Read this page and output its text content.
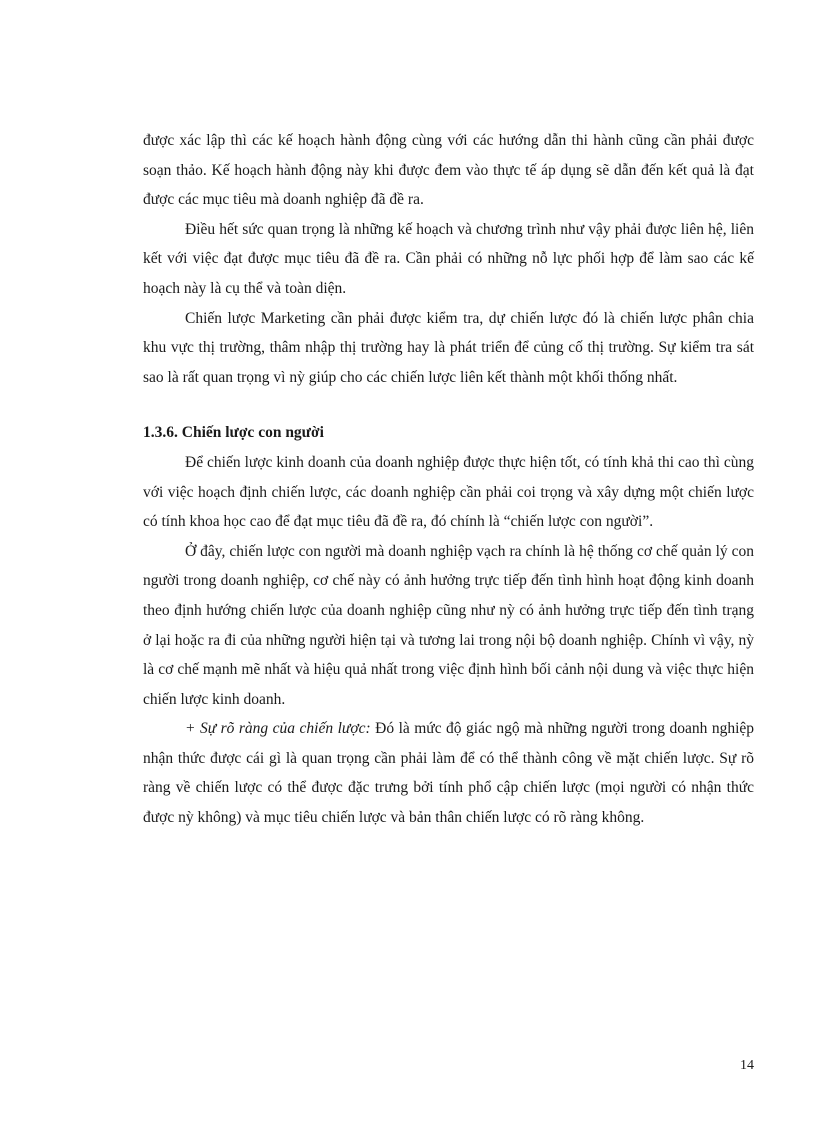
được xác lập thì các kế hoạch hành động cùng với các hướng dẫn thi hành cũng cần phải được soạn thảo. Kế hoạch hành động này khi được đem vào thực tế áp dụng sẽ dẫn đến kết quả là đạt được các mục tiêu mà doanh nghiệp đã đề ra.

Điều hết sức quan trọng là những kế hoạch và chương trình như vậy phải được liên hệ, liên kết với việc đạt được mục tiêu đã đề ra. Cần phải có những nỗ lực phối hợp để làm sao các kế hoạch này là cụ thể và toàn diện.

Chiến lược Marketing cần phải được kiểm tra, dự chiến lược đó là chiến lược phân chia khu vực thị trường, thâm nhập thị trường hay là phát triển để củng cố thị trường. Sự kiểm tra sát sao là rất quan trọng vì nỳ giúp cho các chiến lược liên kết thành một khối thống nhất.

1.3.6. Chiến lược con người

Để chiến lược kinh doanh của doanh nghiệp được thực hiện tốt, có tính khả thi cao thì cùng với việc hoạch định chiến lược, các doanh nghiệp cần phải coi trọng và xây dựng một chiến lược có tính khoa học cao để đạt mục tiêu đã đề ra, đó chính là “chiến lược con người”.

Ở đây, chiến lược con người mà doanh nghiệp vạch ra chính là hệ thống cơ chế quản lý con người trong doanh nghiệp, cơ chế này có ảnh hưởng trực tiếp đến tình hình hoạt động kinh doanh theo định hướng chiến lược của doanh nghiệp cũng như nỳ có ảnh hưởng trực tiếp đến tình trạng ở lại hoặc ra đi của những người hiện tại và tương lai trong nội bộ doanh nghiệp. Chính vì vậy, nỳ là cơ chế mạnh mẽ nhất và hiệu quả nhất trong việc định hình bối cảnh nội dung và việc thực hiện chiến lược kinh doanh.

+ Sự rõ ràng của chiến lược: Đó là mức độ giác ngộ mà những người trong doanh nghiệp nhận thức được cái gì là quan trọng cần phải làm để có thể thành công về mặt chiến lược. Sự rõ ràng về chiến lược có thể được đặc trưng bởi tính phổ cập chiến lược (mọi người có nhận thức được nỳ không) và mục tiêu chiến lược và bản thân chiến lược có rõ ràng không.

14
